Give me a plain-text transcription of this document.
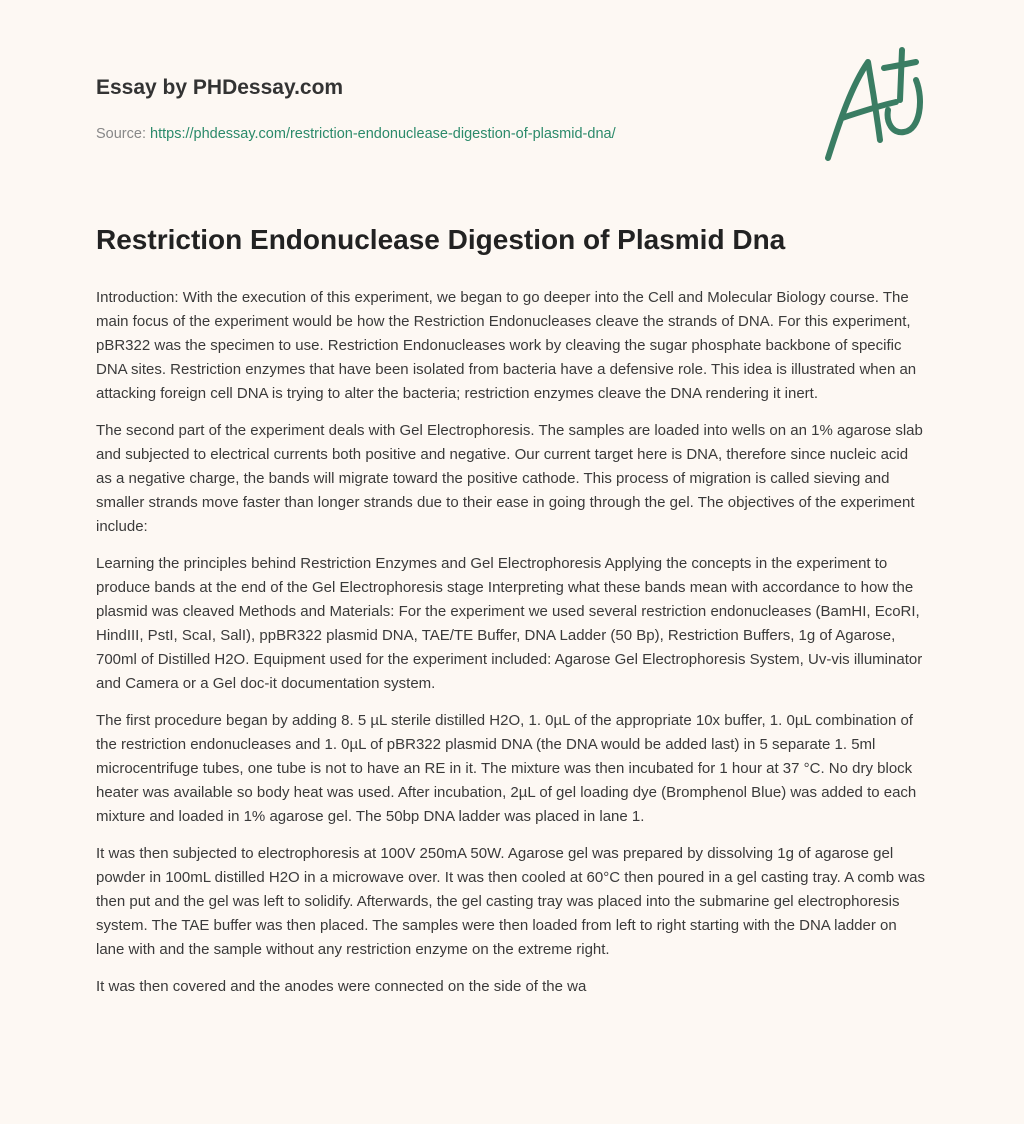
Essay by PHDessay.com
Source: https://phdessay.com/restriction-endonuclease-digestion-of-plasmid-dna/
Restriction Endonuclease Digestion of Plasmid Dna

Introduction: With the execution of this experiment, we began to go deeper into the Cell and Molecular Biology course. The main focus of the experiment would be how the Restriction Endonucleases cleave the strands of DNA. For this experiment, pBR322 was the specimen to use. Restriction Endonucleases work by cleaving the sugar phosphate backbone of specific DNA sites. Restriction enzymes that have been isolated from bacteria have a defensive role. This idea is illustrated when an attacking foreign cell DNA is trying to alter the bacteria; restriction enzymes cleave the DNA rendering it inert.

The second part of the experiment deals with Gel Electrophoresis. The samples are loaded into wells on an 1% agarose slab and subjected to electrical currents both positive and negative. Our current target here is DNA, therefore since nucleic acid as a negative charge, the bands will migrate toward the positive cathode. This process of migration is called sieving and smaller strands move faster than longer strands due to their ease in going through the gel. The objectives of the experiment include:

Learning the principles behind Restriction Enzymes and Gel Electrophoresis Applying the concepts in the experiment to produce bands at the end of the Gel Electrophoresis stage Interpreting what these bands mean with accordance to how the plasmid was cleaved Methods and Materials: For the experiment we used several restriction endonucleases (BamHI, EcoRI, HindIII, PstI, ScaI, SalI), ppBR322 plasmid DNA, TAE/TE Buffer, DNA Ladder (50 Bp), Restriction Buffers, 1g of Agarose, 700ml of Distilled H2O. Equipment used for the experiment included: Agarose Gel Electrophoresis System, Uv-vis illuminator and Camera or a Gel doc-it documentation system.

The first procedure began by adding 8. 5 µL sterile distilled H2O, 1. 0µL of the appropriate 10x buffer, 1. 0µL combination of the restriction endonucleases and 1. 0µL of pBR322 plasmid DNA (the DNA would be added last) in 5 separate 1. 5ml microcentrifuge tubes, one tube is not to have an RE in it. The mixture was then incubated for 1 hour at 37 °C. No dry block heater was available so body heat was used. After incubation, 2µL of gel loading dye (Bromphenol Blue) was added to each mixture and loaded in 1% agarose gel. The 50bp DNA ladder was placed in lane 1.

It was then subjected to electrophoresis at 100V 250mA 50W. Agarose gel was prepared by dissolving 1g of agarose gel powder in 100mL distilled H2O in a microwave over. It was then cooled at 60°C then poured in a gel casting tray. A comb was then put and the gel was left to solidify. Afterwards, the gel casting tray was placed into the submarine gel electrophoresis system. The TAE buffer was then placed. The samples were then loaded from left to right starting with the DNA ladder on lane with and the sample without any restriction enzyme on the extreme right.

It was then covered and the anodes were connected on the side of the wa
